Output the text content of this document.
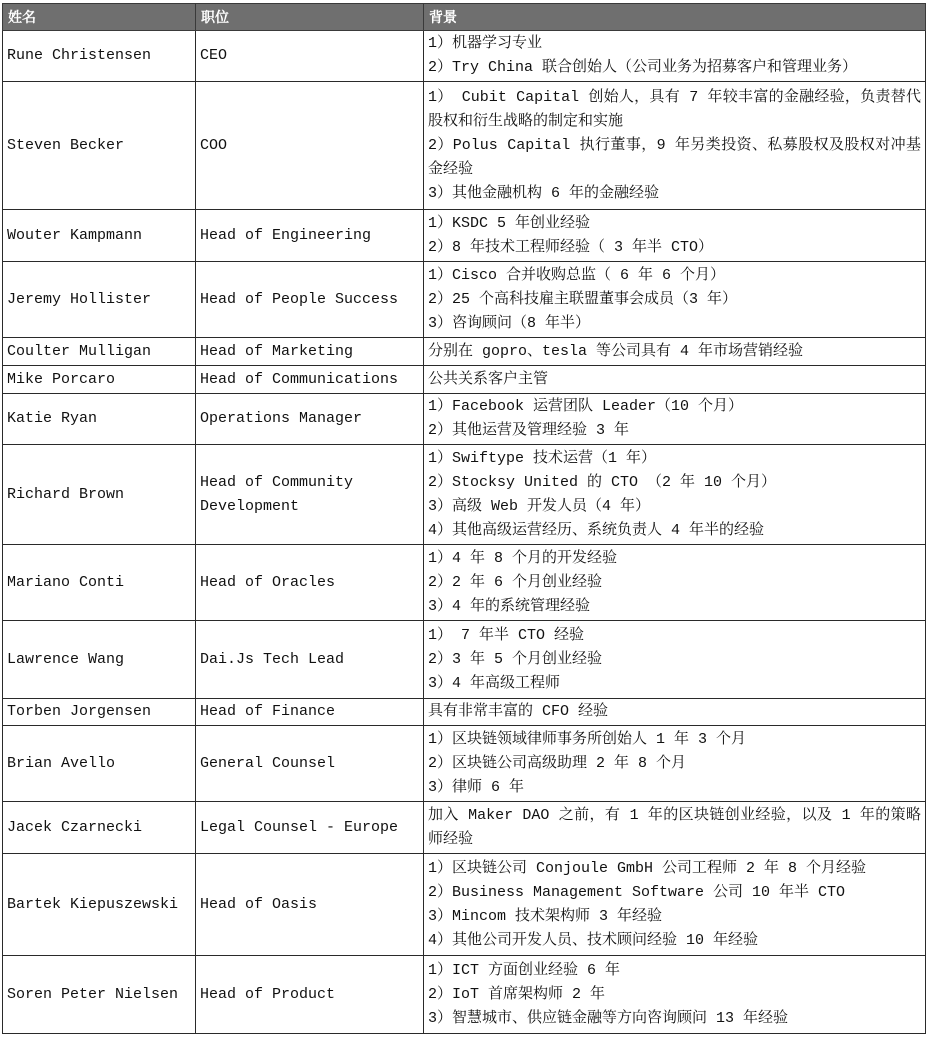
姓名	职位	背景
Rune Christensen	CEO	1）机器学习专业
2）Try China 联合创始人（公司业务为招募客户和管理业务）

Steven Becker	COO	1） Cubit Capital 创始人，具有 7 年较丰富的金融经验，负责替代股权和衍生战略的制定和实施
2）Polus Capital 执行董事，9 年另类投资、私募股权及股权对冲基金经验
3）其他金融机构 6 年的金融经验

Wouter Kampmann	Head of Engineering	1）KSDC 5 年创业经验
2）8 年技术工程师经验（ 3 年半 CTO）

Jeremy Hollister	Head of People Success	1）Cisco 合并收购总监（ 6 年 6 个月）
2）25 个高科技雇主联盟董事会成员（3 年）
3）咨询顾问（8 年半）

Coulter Mulligan	Head of Marketing	分别在 gopro、tesla 等公司具有 4 年市场营销经验

Mike Porcaro	Head of Communications	公共关系客户主管

Katie Ryan	Operations Manager	1）Facebook 运营团队 Leader（10 个月）
2）其他运营及管理经验 3 年

Richard Brown	Head of Community Development	1）Swiftype 技术运营（1 年）
2）Stocksy United 的 CTO （2 年 10 个月）
3）高级 Web 开发人员（4 年）
4）其他高级运营经历、系统负责人 4 年半的经验

Mariano Conti	Head of Oracles	1）4 年 8 个月的开发经验
2）2 年 6 个月创业经验
3）4 年的系统管理经验

Lawrence Wang	Dai.Js Tech Lead	1） 7 年半 CTO 经验
2）3 年 5 个月创业经验
3）4 年高级工程师

Torben Jorgensen	Head of Finance	具有非常丰富的 CFO 经验

Brian Avello	General Counsel	1）区块链领域律师事务所创始人 1 年 3 个月
2）区块链公司高级助理 2 年 8 个月
3）律师 6 年

Jacek Czarnecki	Legal Counsel - Europe	加入 Maker DAO 之前，有 1 年的区块链创业经验，以及 1 年的策略师经验

Bartek Kiepuszewski	Head of Oasis	1）区块链公司 Conjoule GmbH 公司工程师 2 年 8 个月经验
2）Business Management Software 公司 10 年半 CTO
3）Mincom 技术架构师 3 年经验
4）其他公司开发人员、技术顾问经验 10 年经验

Soren Peter Nielsen	Head of Product	1）ICT 方面创业经验 6 年
2）IoT 首席架构师 2 年
3）智慧城市、供应链金融等方向咨询顾问 13 年经验
